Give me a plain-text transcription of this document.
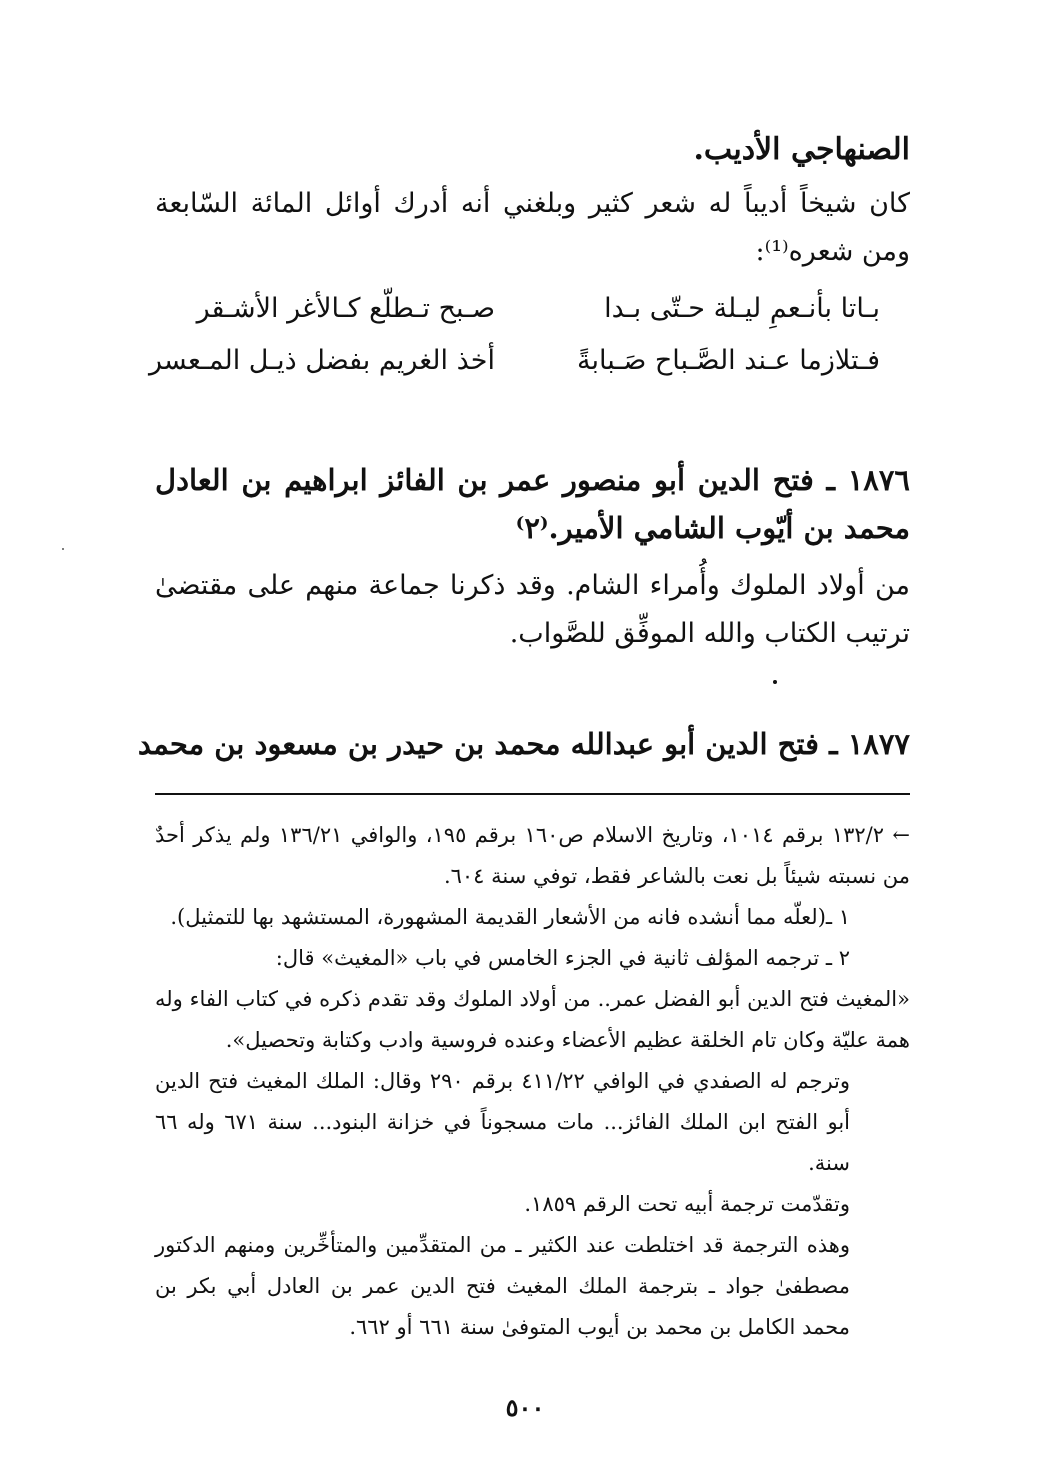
الصنهاجي الأديب.
كان شيخاً أديباً له شعر كثير وبلغني أنه أدرك أوائل المائة السّابعة ومن شعره⁽¹⁾:
بـاتا بأنـعمِ ليـلة حـتّى بـدا
صـبح تـطلّع كـالأغر الأشـقر
فـتلازما عـند الصَّـباح صَـبابةً
أخذ الغريم بفضل ذيـل المـعسر
١٨٧٦ ـ فتح الدين أبو منصور عمر بن الفائز ابراهيم بن العادل محمد بن أيّوب الشامي الأمير.⁽٢⁾
من أولاد الملوك وأُمراء الشام. وقد ذكرنا جماعة منهم على مقتضىٰ ترتيب الكتاب والله الموفِّق للصَّواب.
١٨٧٧ ـ فتح الدين أبو عبدالله محمد بن حيدر بن مسعود بن محمد

← ١٣٢/٢ برقم ١٠١٤، وتاريخ الاسلام ص١٦٠ برقم ١٩٥، والوافي ١٣٦/٢١ ولم يذكر أحدٌ من نسبته شيئاً بل نعت بالشاعر فقط، توفي سنة ٦٠٤.

١ ـ(لعلّه مما أنشده فانه من الأشعار القديمة المشهورة، المستشهد بها للتمثيل).

٢ ـ ترجمه المؤلف ثانية في الجزء الخامس في باب «المغيث» قال:

«المغيث فتح الدين أبو الفضل عمر.. من أولاد الملوك وقد تقدم ذكره في كتاب الفاء وله همة عليّة وكان تام الخلقة عظيم الأعضاء وعنده فروسية وادب وكتابة وتحصيل».

وترجم له الصفدي في الوافي ٤١١/٢٢ برقم ٢٩٠ وقال: الملك المغيث فتح الدين أبو الفتح ابن الملك الفائز... مات مسجوناً في خزانة البنود... سنة ٦٧١ وله ٦٦ سنة.

وتقدّمت ترجمة أبيه تحت الرقم ١٨٥٩.

وهذه الترجمة قد اختلطت عند الكثير ـ من المتقدِّمين والمتأخِّرين ومنهم الدكتور مصطفىٰ جواد ـ بترجمة الملك المغيث فتح الدين عمر بن العادل أبي بكر بن محمد الكامل بن محمد بن أيوب المتوفىٰ سنة ٦٦١ أو ٦٦٢.

٥٠٠
